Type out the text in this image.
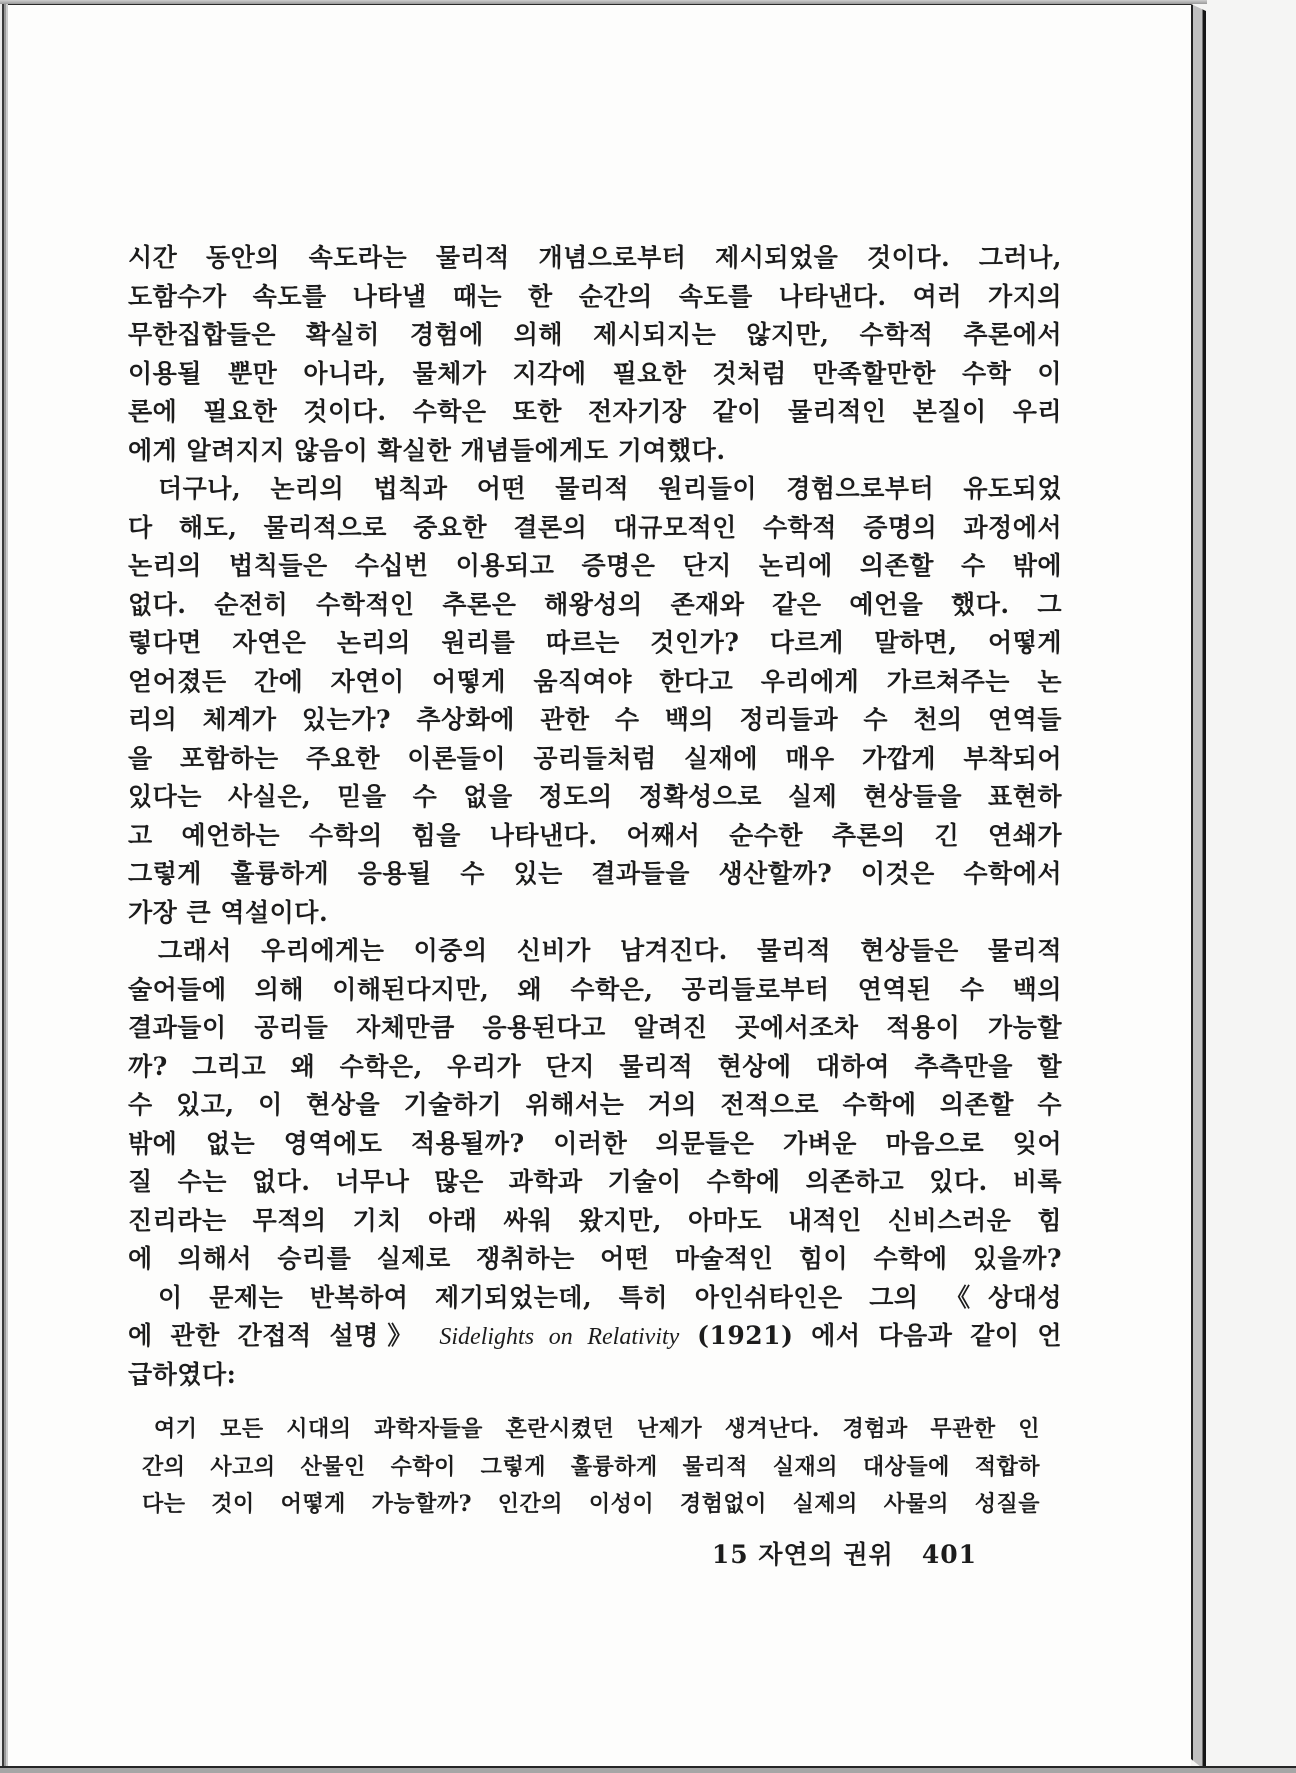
시간 동안의 속도라는 물리적 개념으로부터 제시되었을 것이다. 그러나,
도함수가 속도를 나타낼 때는 한 순간의 속도를 나타낸다. 여러 가지의
무한집합들은 확실히 경험에 의해 제시되지는 않지만, 수학적 추론에서
이용될 뿐만 아니라, 물체가 지각에 필요한 것처럼 만족할만한 수학 이
론에 필요한 것이다. 수학은 또한 전자기장 같이 물리적인 본질이 우리
에게 알려지지 않음이 확실한 개념들에게도 기여했다.
더구나, 논리의 법칙과 어떤 물리적 원리들이 경험으로부터 유도되었
다 해도, 물리적으로 중요한 결론의 대규모적인 수학적 증명의 과정에서
논리의 법칙들은 수십번 이용되고 증명은 단지 논리에 의존할 수 밖에
없다. 순전히 수학적인 추론은 해왕성의 존재와 같은 예언을 했다. 그
렇다면 자연은 논리의 원리를 따르는 것인가? 다르게 말하면, 어떻게
얻어졌든 간에 자연이 어떻게 움직여야 한다고 우리에게 가르쳐주는 논
리의 체계가 있는가? 추상화에 관한 수 백의 정리들과 수 천의 연역들
을 포함하는 주요한 이론들이 공리들처럼 실재에 매우 가깝게 부착되어
있다는 사실은, 믿을 수 없을 정도의 정확성으로 실제 현상들을 표현하
고 예언하는 수학의 힘을 나타낸다. 어째서 순수한 추론의 긴 연쇄가
그렇게 훌륭하게 응용될 수 있는 결과들을 생산할까? 이것은 수학에서
가장 큰 역설이다.
그래서 우리에게는 이중의 신비가 남겨진다. 물리적 현상들은 물리적
술어들에 의해 이해된다지만, 왜 수학은, 공리들로부터 연역된 수 백의
결과들이 공리들 자체만큼 응용된다고 알려진 곳에서조차 적용이 가능할
까? 그리고 왜 수학은, 우리가 단지 물리적 현상에 대하여 추측만을 할
수 있고, 이 현상을 기술하기 위해서는 거의 전적으로 수학에 의존할 수
밖에 없는 영역에도 적용될까? 이러한 의문들은 가벼운 마음으로 잊어
질 수는 없다. 너무나 많은 과학과 기술이 수학에 의존하고 있다. 비록
진리라는 무적의 기치 아래 싸워 왔지만, 아마도 내적인 신비스러운 힘
에 의해서 승리를 실제로 쟁취하는 어떤 마술적인 힘이 수학에 있을까?
이 문제는 반복하여 제기되었는데, 특히 아인쉬타인은 그의 《상대성
에 관한 간접적 설명》 Sidelights on Relativity (1921) 에서 다음과 같이 언
급하였다:
여기 모든 시대의 과학자들을 혼란시켰던 난제가 생겨난다. 경험과 무관한 인
간의 사고의 산물인 수학이 그렇게 훌륭하게 물리적 실재의 대상들에 적합하
다는 것이 어떻게 가능할까? 인간의 이성이 경험없이 실제의 사물의 성질을
15 자연의 권위 401
